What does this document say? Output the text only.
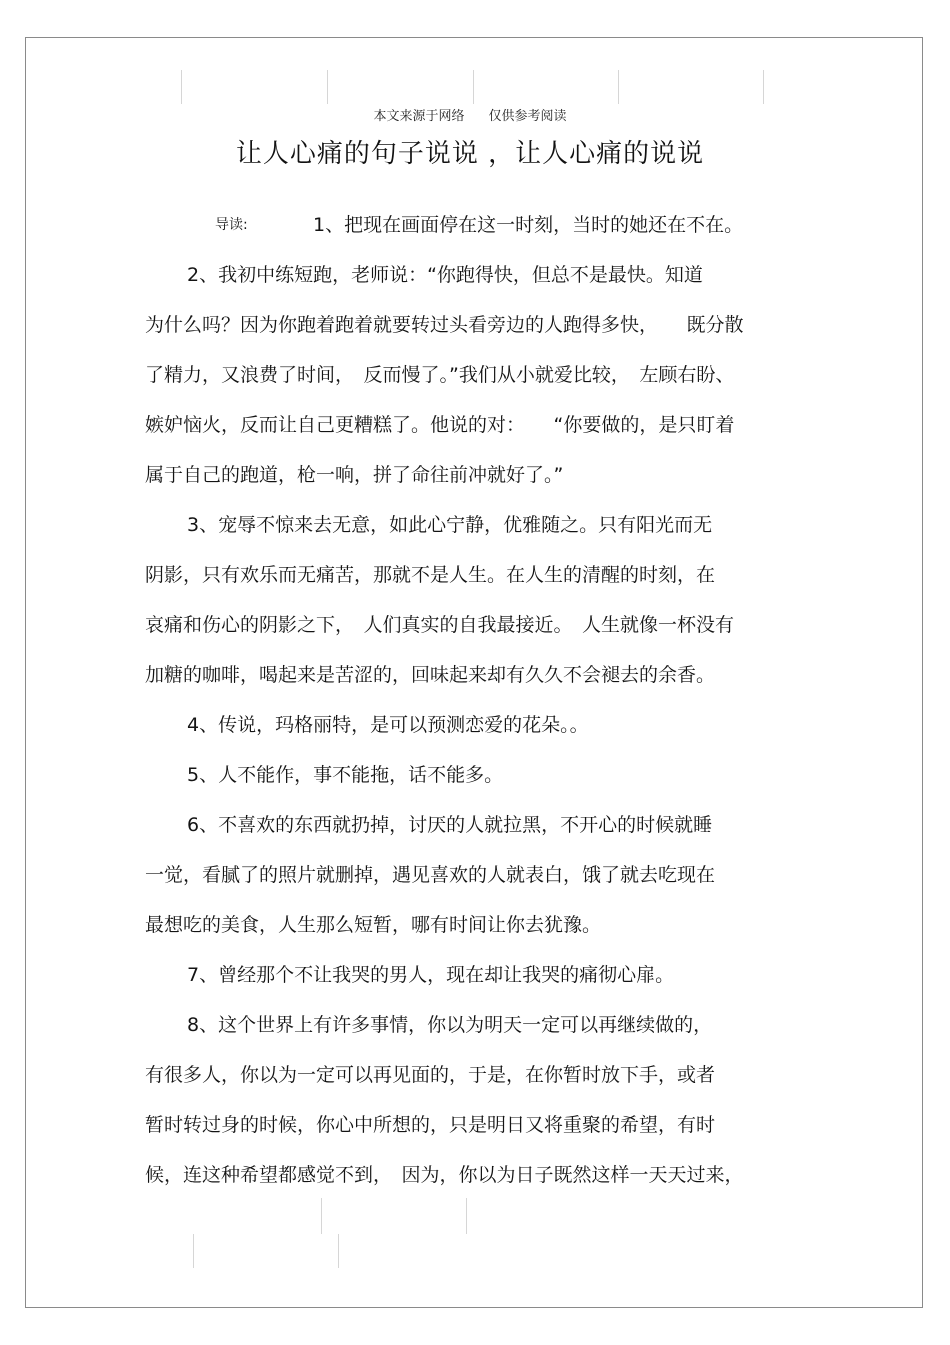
本文来源于网络 仅供参考阅读
让人心痛的句子说说 ，让人心痛的说说
导读:	1、把现在画面停在这一时刻，当时的她还在不在。
2、我初中练短跑，老师说：“你跑得快，但总不是最快。知道
为什么吗？因为你跑着跑着就要转过头看旁边的人跑得多快，　　既分散
了精力，又浪费了时间，　反而慢了。”我们从小就爱比较，　左顾右盼、
嫉妒恼火，反而让自己更糟糕了。他说的对：　　“你要做的，是只盯着
属于自己的跑道，枪一响，拼了命往前冲就好了。”
3、宠辱不惊来去无意，如此心宁静，优雅随之。只有阳光而无
阴影，只有欢乐而无痛苦，那就不是人生。在人生的清醒的时刻，在
哀痛和伤心的阴影之下，　人们真实的自我最接近。　人生就像一杯没有
加糖的咖啡，喝起来是苦涩的，回味起来却有久久不会褪去的余香。
4、传说，玛格丽特，是可以预测恋爱的花朵。。
5、人不能作，事不能拖，话不能多。
6、不喜欢的东西就扔掉，讨厌的人就拉黑，不开心的时候就睡
一觉，看腻了的照片就删掉，遇见喜欢的人就表白，饿了就去吃现在
最想吃的美食，人生那么短暂，哪有时间让你去犹豫。
7、曾经那个不让我哭的男人，现在却让我哭的痛彻心扉。
8、这个世界上有许多事情，你以为明天一定可以再继续做的，
有很多人，你以为一定可以再见面的，于是，在你暂时放下手，或者
暂时转过身的时候，你心中所想的，只是明日又将重聚的希望，有时
候，连这种希望都感觉不到，　因为，你以为日子既然这样一天天过来，
